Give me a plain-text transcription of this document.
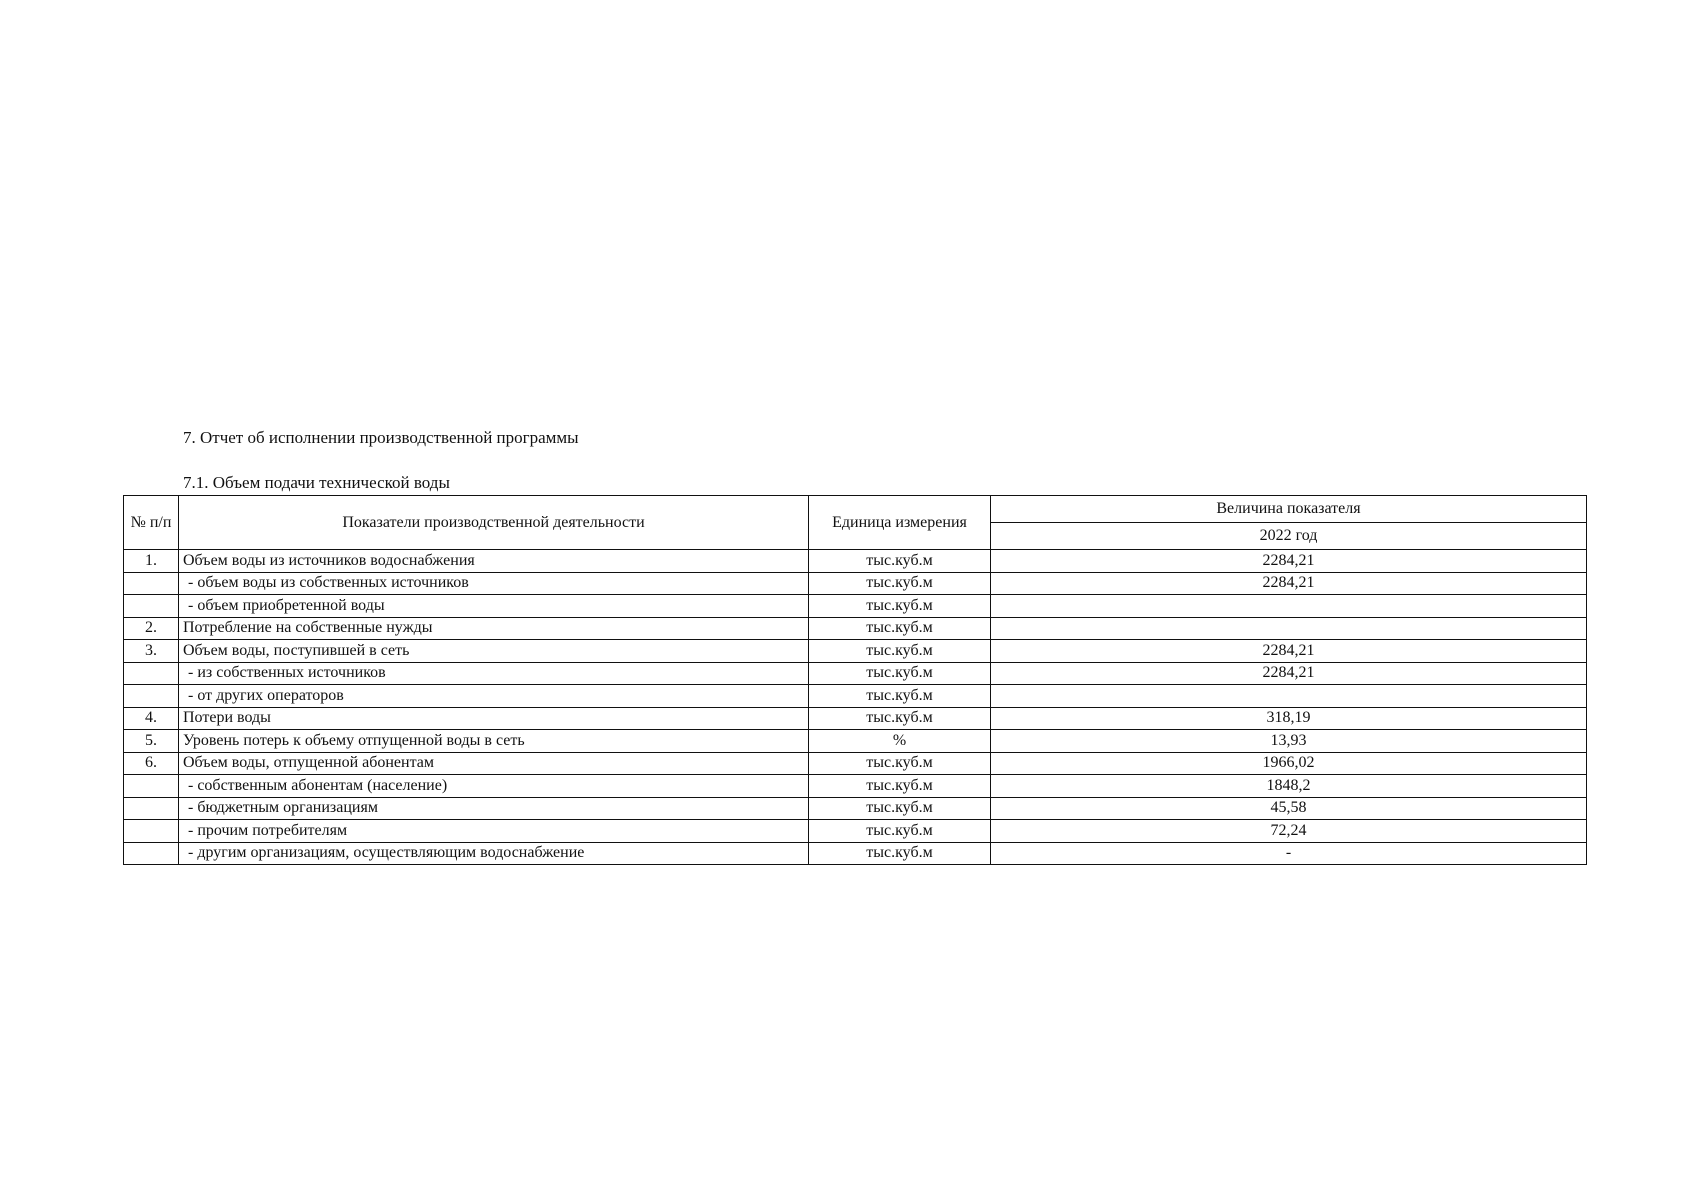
7. Отчет об исполнении производственной программы
7.1. Объем подачи технической воды
№ п/п	Показатели производственной деятельности	Единица измерения	Величина показателя
			2022 год
1.	Объем воды из источников водоснабжения	тыс.куб.м	2284,21
	- объем воды из собственных источников	тыс.куб.м	2284,21
	- объем приобретенной воды	тыс.куб.м	
2.	Потребление на собственные нужды	тыс.куб.м	
3.	Объем воды, поступившей в сеть	тыс.куб.м	2284,21
	- из собственных источников	тыс.куб.м	2284,21
	- от других операторов	тыс.куб.м	
4.	Потери воды	тыс.куб.м	318,19
5.	Уровень потерь к объему отпущенной воды в сеть	%	13,93
6.	Объем воды, отпущенной абонентам	тыс.куб.м	1966,02
	- собственным абонентам (население)	тыс.куб.м	1848,2
	- бюджетным организациям	тыс.куб.м	45,58
	- прочим потребителям	тыс.куб.м	72,24
	- другим организациям, осуществляющим водоснабжение	тыс.куб.м	-
